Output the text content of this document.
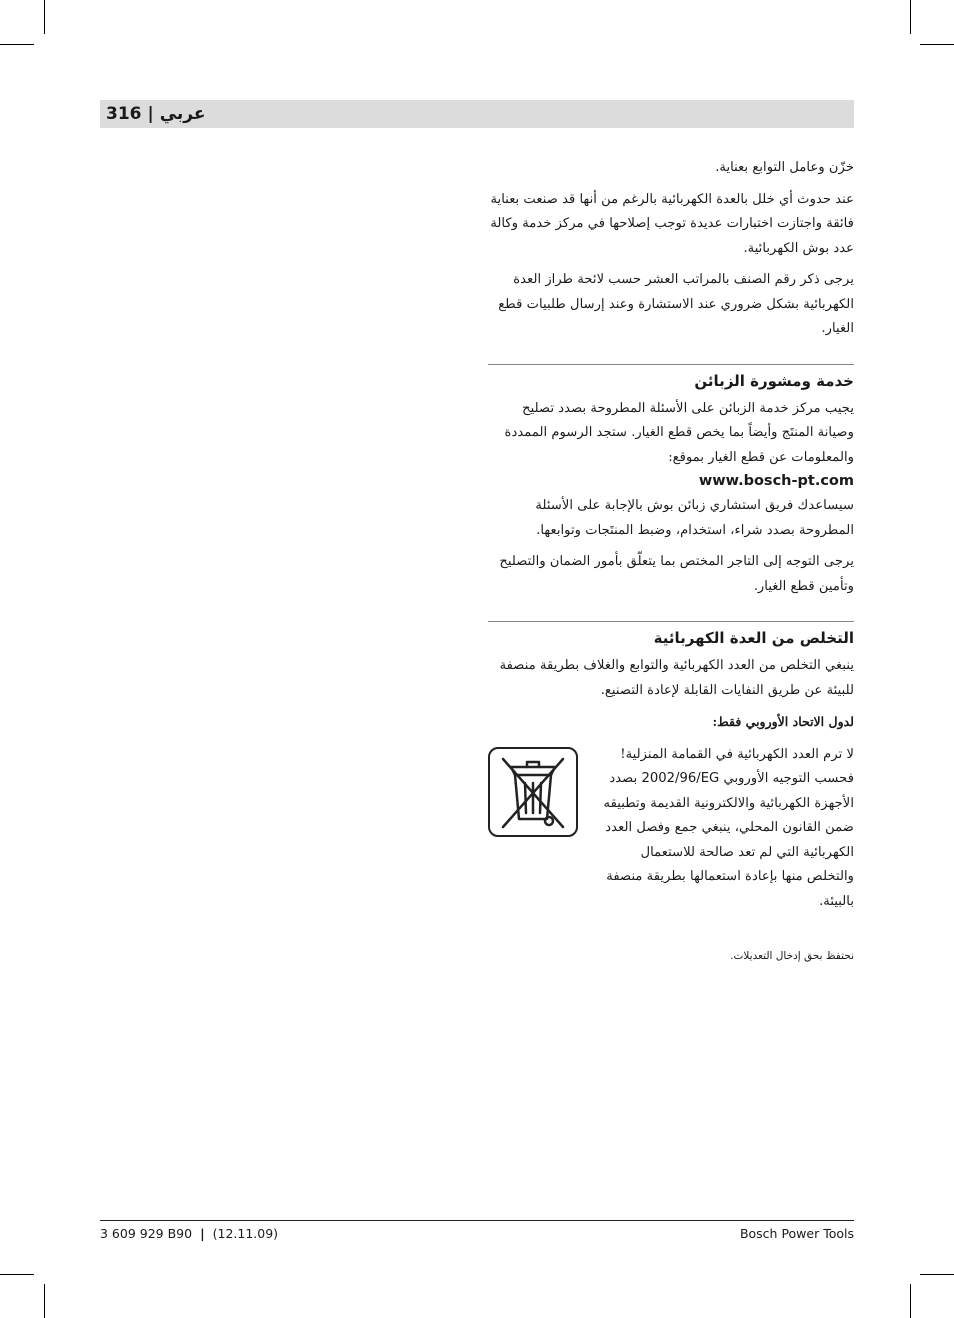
316 | عربي

خزّن وعامل التوابع بعناية.

عند حدوث أي خلل بالعدة الكهربائية بالرغم من أنها قد صنعت بعناية فائقة واجتازت اختبارات عديدة توجب إصلاحها في مركز خدمة وكالة عدد بوش الكهربائية.

يرجى ذكر رقم الصنف بالمراتب العشر حسب لائحة طراز العدة الكهربائية بشكل ضروري عند الاستشارة وعند إرسال طلبيات قطع الغيار.

خدمة ومشورة الزبائن

يجيب مركز خدمة الزبائن على الأسئلة المطروحة بصدد تصليح وصيانة المنتَج وأيضاً بما يخص قطع الغيار. ستجد الرسوم الممددة والمعلومات عن قطع الغيار بموقع:

www.bosch-pt.com

سيساعدك فريق استشاري زبائن بوش بالإجابة على الأسئلة المطروحة بصدد شراء، استخدام، وضبط المنتَجات وتوابعها.

يرجى التوجه إلى التاجر المختص بما يتعلّق بأمور الضمان والتصليح وتأمين قطع الغيار.

التخلص من العدة الكهربائية

ينبغي التخلص من العدد الكهربائية والتوابع والغلاف بطريقة منصفة للبيئة عن طريق النفايات القابلة لإعادة التصنيع.

لدول الاتحاد الأوروبي فقط:
لا ترم العدد الكهربائية في القمامة المنزلية!
فحسب التوجيه الأوروبي 2002/96/EG بصدد الأجهزة الكهربائية والالكترونية القديمة وتطبيقه ضمن القانون المحلي، ينبغي جمع وفصل العدد الكهربائية التي لم تعد صالحة للاستعمال والتخلص منها بإعادة استعمالها بطريقة منصفة بالبيئة.
نحتفظ بحق إدخال التعديلات.
3 609 929 B90 | (12.11.09)	Bosch Power Tools
